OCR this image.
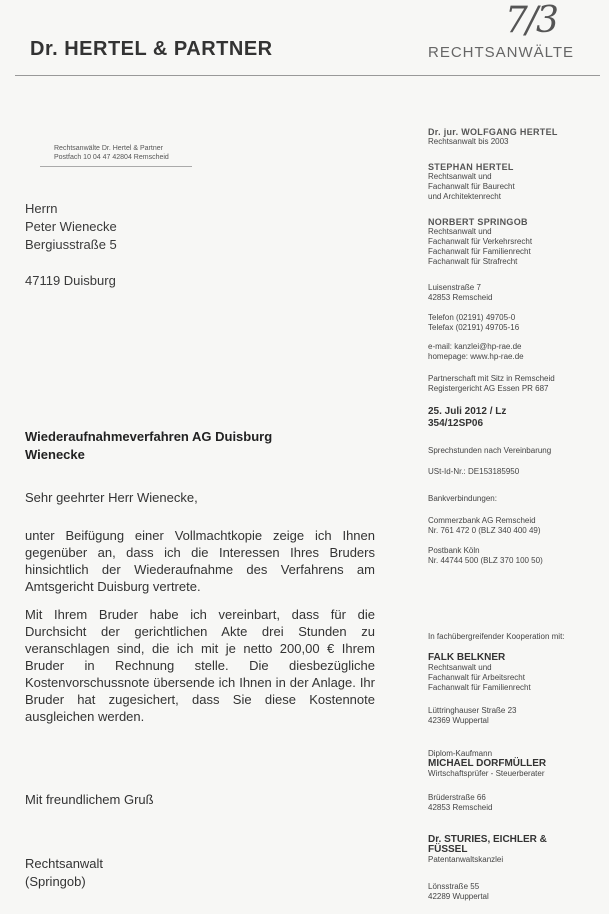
7/3
Dr. HERTEL & PARTNER	RECHTSANWÄLTE
Rechtsanwälte Dr. Hertel & Partner
Postfach 10 04 47 42804 Remscheid
Herrn
Peter Wienecke
Bergiusstraße 5
47119 Duisburg
Dr. jur. WOLFGANG HERTEL
Rechtsanwalt bis 2003
STEPHAN HERTEL
Rechtsanwalt und
Fachanwalt für Baurecht
und Architektenrecht
NORBERT SPRINGOB
Rechtsanwalt und
Fachanwalt für Verkehrsrecht
Fachanwalt für Familienrecht
Fachanwalt für Strafrecht
Luisenstraße 7
42853 Remscheid
Telefon (02191) 49705-0
Telefax (02191) 49705-16
e-mail: kanzlei@hp-rae.de
homepage: www.hp-rae.de
Partnerschaft mit Sitz in Remscheid
Registergericht AG Essen PR 687
25. Juli 2012 / Lz
354/12SP06
Sprechstunden nach Vereinbarung
USt-Id-Nr.: DE153185950
Bankverbindungen:
Commerzbank AG Remscheid
Nr. 761 472 0 (BLZ 340 400 49)
Postbank Köln
Nr. 44744 500 (BLZ 370 100 50)
In fachübergreifender Kooperation mit:
FALK BELKNER
Rechtsanwalt und
Fachanwalt für Arbeitsrecht
Fachanwalt für Familienrecht
Lüttringhauser Straße 23
42369 Wuppertal
Diplom-Kaufmann
MICHAEL DORFMÜLLER
Wirtschaftsprüfer - Steuerberater
Brüderstraße 66
42853 Remscheid
Dr. STURIES, EICHLER &
FÜSSEL
Patentanwaltskanzlei
Lönsstraße 55
42289 Wuppertal
Wiederaufnahmeverfahren AG Duisburg
Wienecke
Sehr geehrter Herr Wienecke,
unter Beifügung einer Vollmachtkopie zeige ich Ihnen gegenüber an, dass ich die Interessen Ihres Bruders hinsichtlich der Wiederaufnahme des Verfahrens am Amtsgericht Duisburg vertrete.
Mit Ihrem Bruder habe ich vereinbart, dass für die Durchsicht der gerichtlichen Akte drei Stunden zu veranschlagen sind, die ich mit je netto 200,00 € Ihrem Bruder in Rechnung stelle. Die diesbezügliche Kostenvorschussnote übersende ich Ihnen in der Anlage. Ihr Bruder hat zugesichert, dass Sie diese Kostennote ausgleichen werden.
Mit freundlichem Gruß
Rechtsanwalt
(Springob)
